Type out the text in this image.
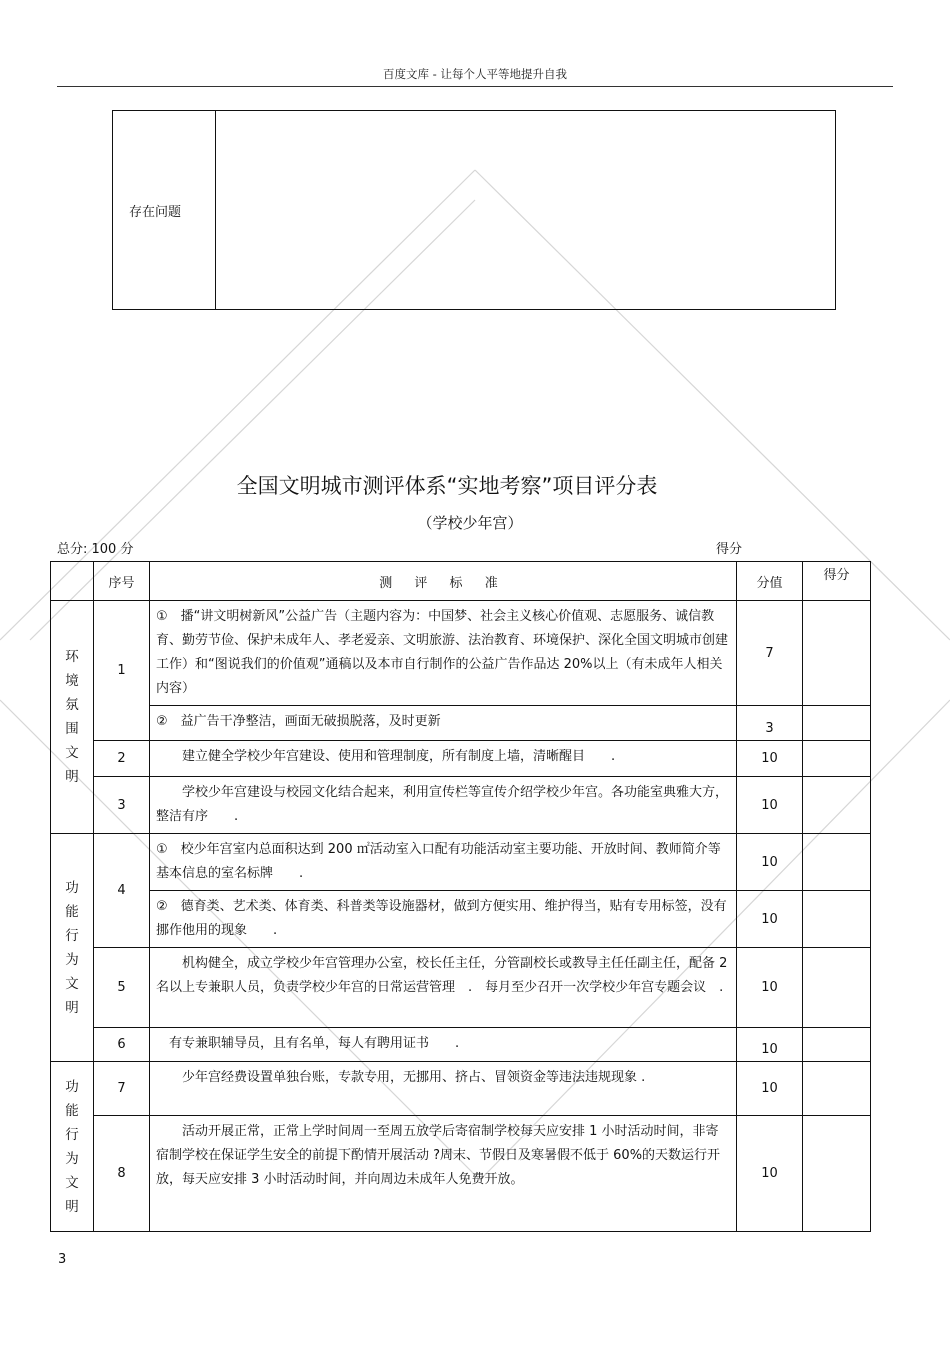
百度文库 - 让每个人平等地提升自我
存在问题
全国文明城市测评体系“实地考察”项目评分表
（学校少年宫）
总分: 100 分	得分
	序号	测 评 标 准	分值	得分
环境氛围文明	1	①　播“讲文明树新风”公益广告（主题内容为：中国梦、社会主义核心价值观、志愿服务、诚信教育、勤劳节俭、保护未成年人、孝老爱亲、文明旅游、法治教育、环境保护、深化全国文明城市创建工作）和“图说我们的价值观”通稿以及本市自行制作的公益广告作品达 20%以上（有未成年人相关内容）	7	
		②　益广告干净整洁，画面无破损脱落，及时更新	3	
	2	　　建立健全学校少年宫建设、使用和管理制度，所有制度上墙，清晰醒目　　.	10	
	3	　　学校少年宫建设与校园文化结合起来，利用宣传栏等宣传介绍学校少年宫。各功能室典雅大方，整洁有序　　.	10	
功能行为文明	4	①　校少年宫室内总面积达到 200 ㎡活动室入口配有功能活动室主要功能、开放时间、教师简介等基本信息的室名标牌　　.	10	
		②　德育类、艺术类、体育类、科普类等设施器材，做到方便实用、维护得当，贴有专用标签，没有挪作他用的现象　　.	10	
	5	　　机构健全，成立学校少年宫管理办公室，校长任主任，分管副校长或教导主任任副主任，配备 2 名以上专兼职人员，负责学校少年宫的日常运营管理　.　每月至少召开一次学校少年宫专题会议　.	10	
	6	　有专兼职辅导员，且有名单，每人有聘用证书　　.	10	
功能行为文明	7	　　少年宫经费设置单独台账，专款专用，无挪用、挤占、冒领资金等违法违规现象 .	10	
	8	　　活动开展正常，正常上学时间周一至周五放学后寄宿制学校每天应安排 1 小时活动时间，非寄宿制学校在保证学生安全的前提下酌情开展活动 ?周末、节假日及寒暑假不低于 60%的天数运行开放，每天应安排 3 小时活动时间，并向周边未成年人免费开放。	10	
3
